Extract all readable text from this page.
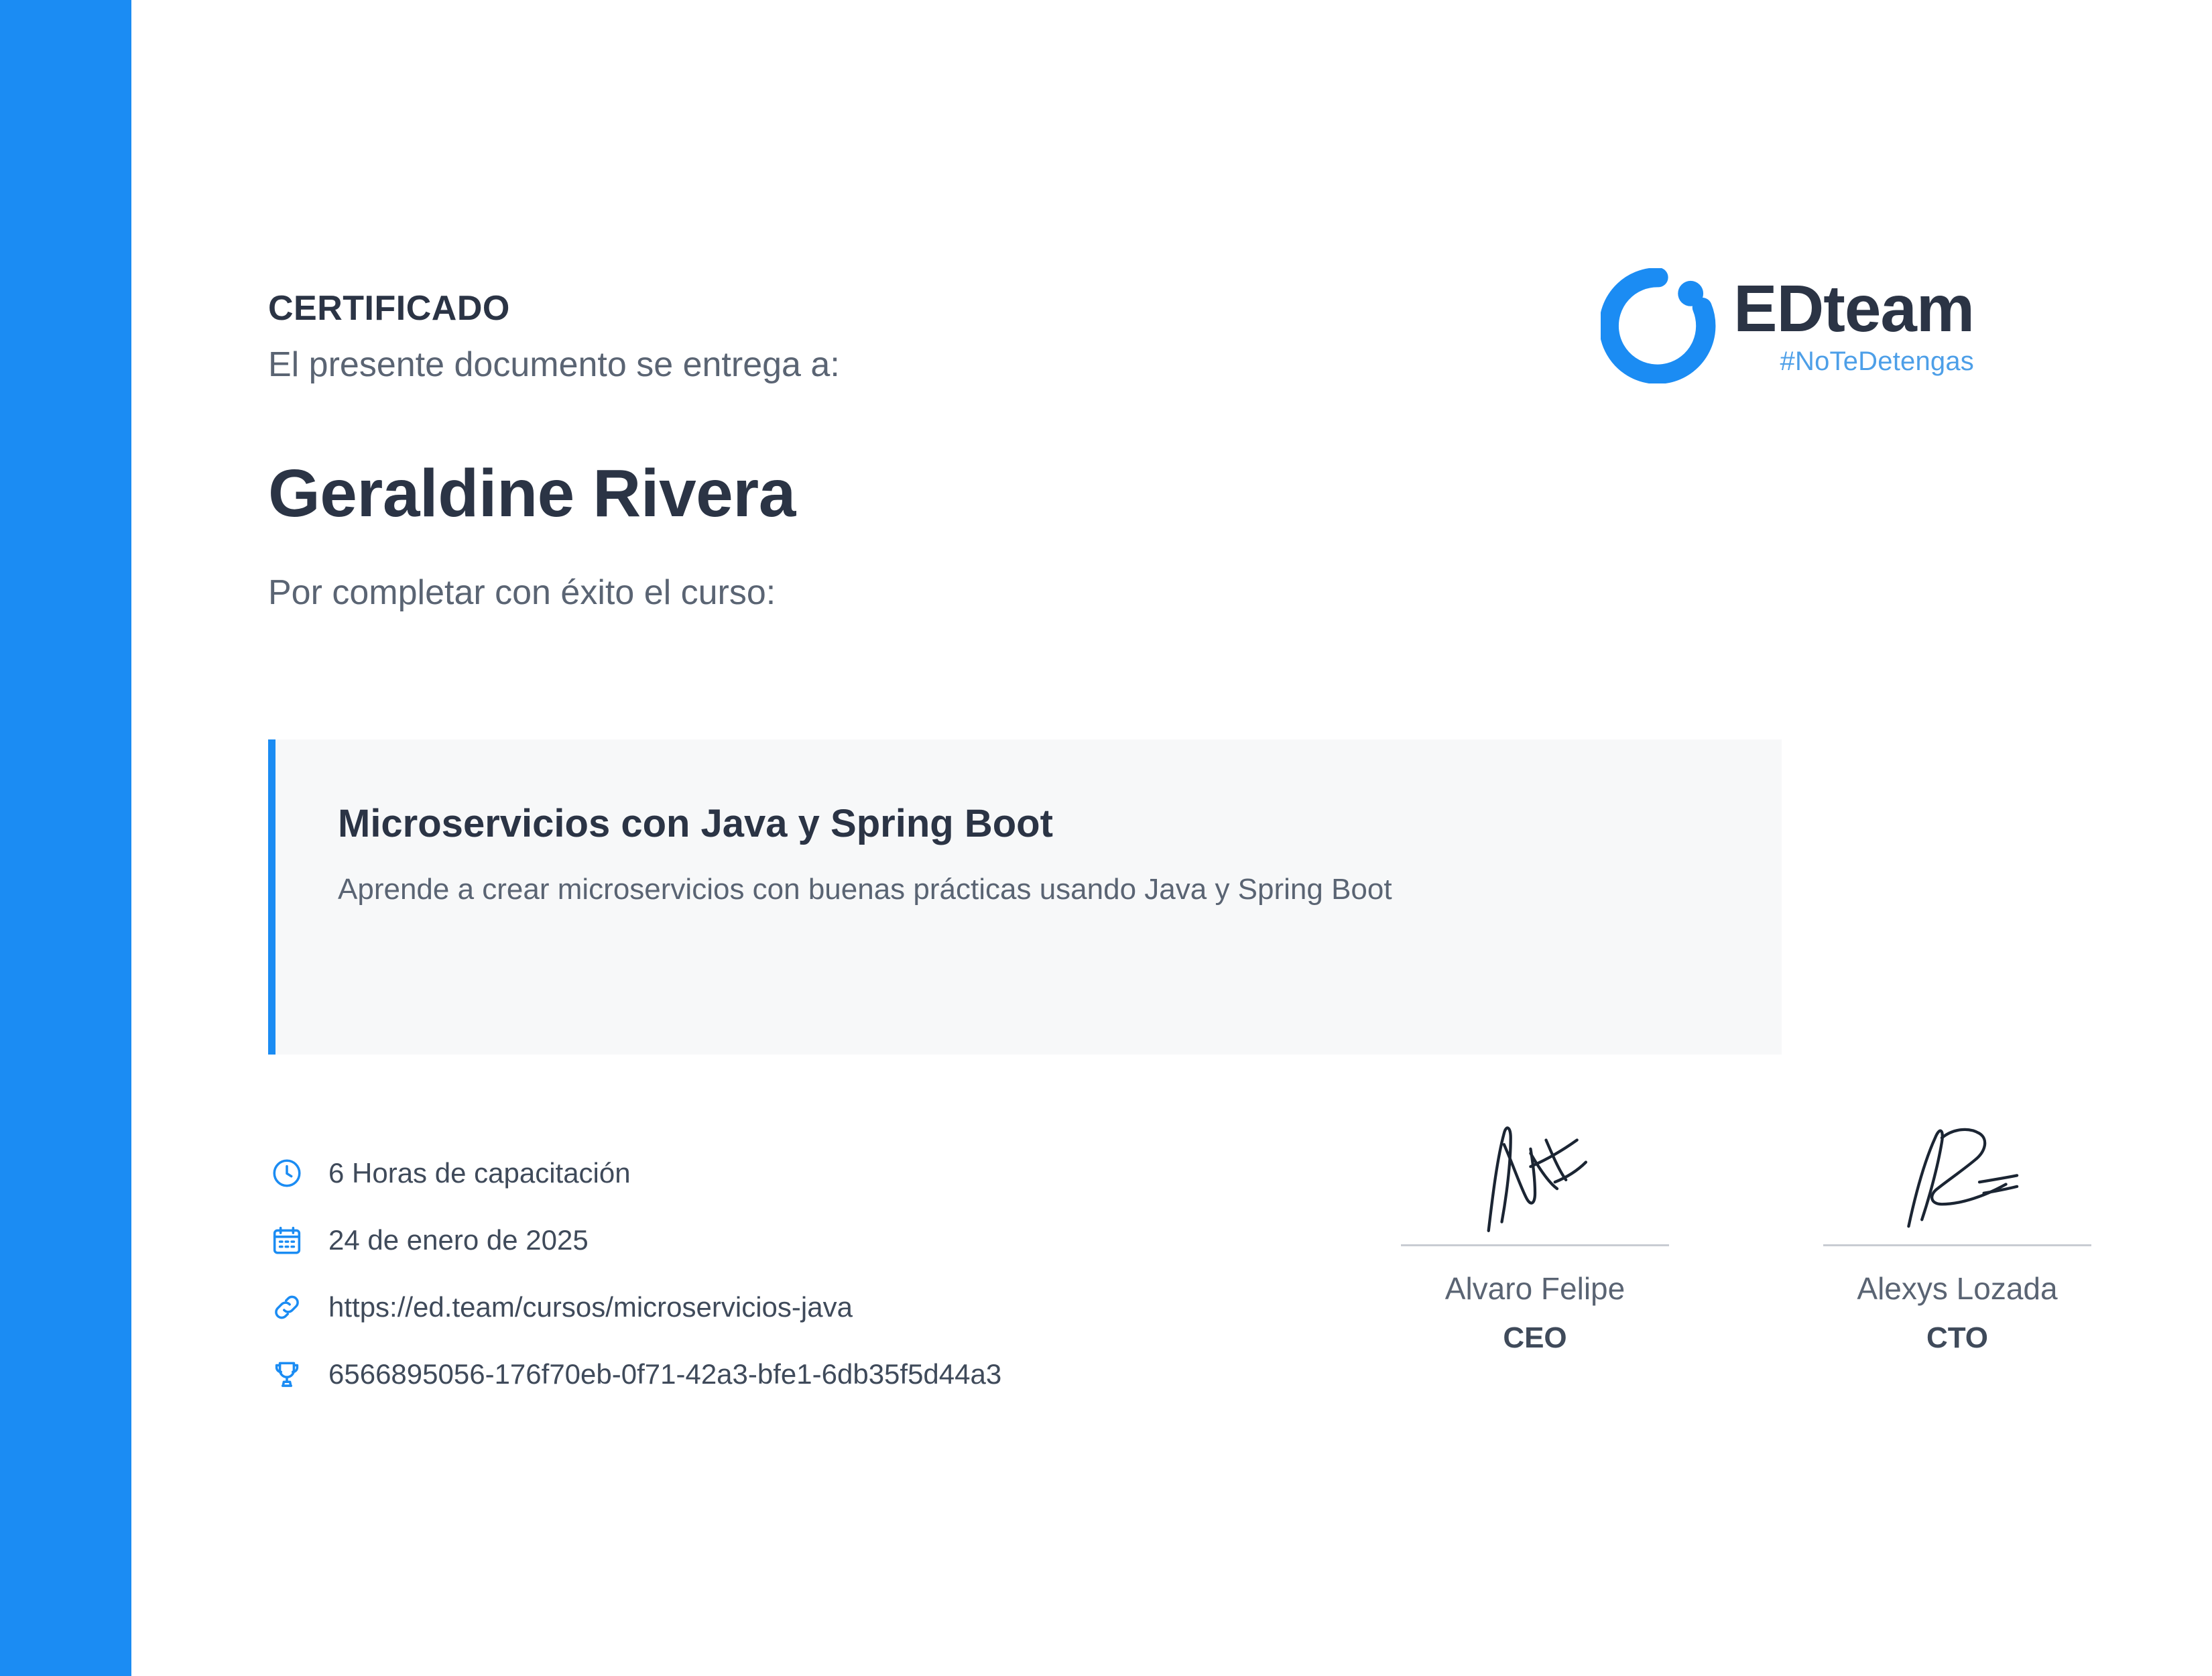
CERTIFICADO
El presente documento se entrega a:
Geraldine Rivera
Por completar con éxito el curso:
EDteam
#NoTeDetengas
Microservicios con Java y Spring Boot
Aprende a crear microservicios con buenas prácticas usando Java y Spring Boot
6 Horas de capacitación
24 de enero de 2025
https://ed.team/cursos/microservicios-java
6566895056-176f70eb-0f71-42a3-bfe1-6db35f5d44a3
Alvaro Felipe
CEO
Alexys Lozada
CTO
